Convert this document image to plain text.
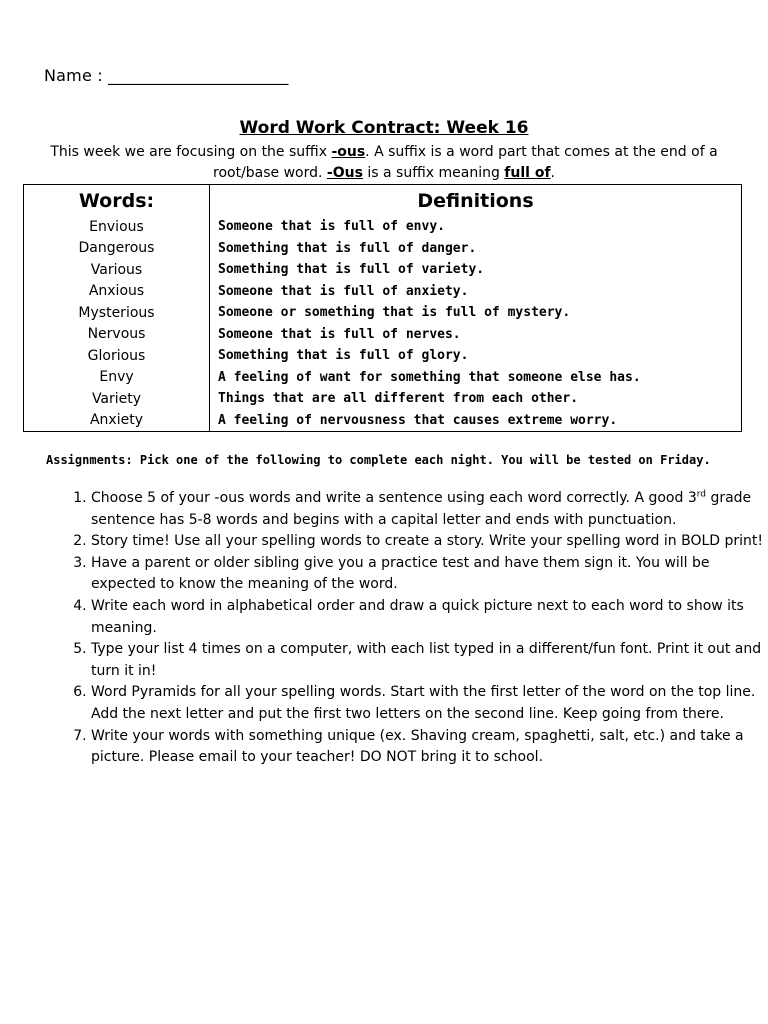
Name : ______________________
Word Work Contract: Week 16
This week we are focusing on the suffix -ous. A suffix is a word part that comes at the end of a root/base word. -Ous is a suffix meaning full of.
Words:	Definitions
Envious	Someone that is full of envy.
Dangerous	Something that is full of danger.
Various	Something that is full of variety.
Anxious	Someone that is full of anxiety.
Mysterious	Someone or something that is full of mystery.
Nervous	Someone that is full of nerves.
Glorious	Something that is full of glory.
Envy	A feeling of want for something that someone else has.
Variety	Things that are all different from each other.
Anxiety	A feeling of nervousness that causes extreme worry.
Assignments: Pick one of the following to complete each night. You will be tested on Friday.
1. Choose 5 of your -ous words and write a sentence using each word correctly. A good 3rd grade sentence has 5-8 words and begins with a capital letter and ends with punctuation.
2. Story time! Use all your spelling words to create a story. Write your spelling word in BOLD print!
3. Have a parent or older sibling give you a practice test and have them sign it. You will be expected to know the meaning of the word.
4. Write each word in alphabetical order and draw a quick picture next to each word to show its meaning.
5. Type your list 4 times on a computer, with each list typed in a different/fun font. Print it out and turn it in!
6. Word Pyramids for all your spelling words. Start with the first letter of the word on the top line. Add the next letter and put the first two letters on the second line. Keep going from there.
7. Write your words with something unique (ex. Shaving cream, spaghetti, salt, etc.) and take a picture. Please email to your teacher! DO NOT bring it to school.
